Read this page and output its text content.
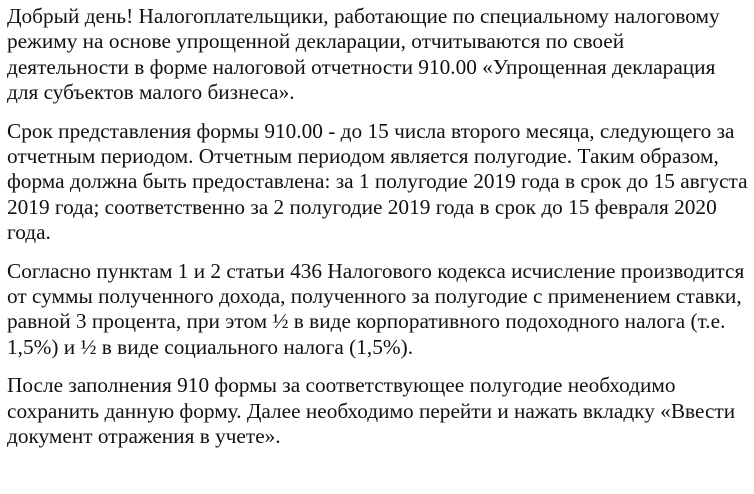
Добрый день! Налогоплательщики, работающие по специальному налоговому режиму на основе упрощенной декларации, отчитываются по своей деятельности в форме налоговой отчетности 910.00 «Упрощенная декларация для субъектов малого бизнеса».

Срок представления формы 910.00 - до 15 числа второго месяца, следующего за отчетным периодом. Отчетным периодом является полугодие. Таким образом, форма должна быть предоставлена: за 1 полугодие 2019 года в срок до 15 августа 2019 года; соответственно за 2 полугодие 2019 года в срок до 15 февраля 2020 года.

Согласно пунктам 1 и 2 статьи 436 Налогового кодекса исчисление производится от суммы полученного дохода, полученного за полугодие с применением ставки, равной 3 процента, при этом ½ в виде корпоративного подоходного налога (т.е. 1,5%) и ½ в виде социального налога (1,5%).

После заполнения 910 формы за соответствующее полугодие необходимо сохранить данную форму. Далее необходимо перейти и нажать вкладку «Ввести документ отражения в учете».
